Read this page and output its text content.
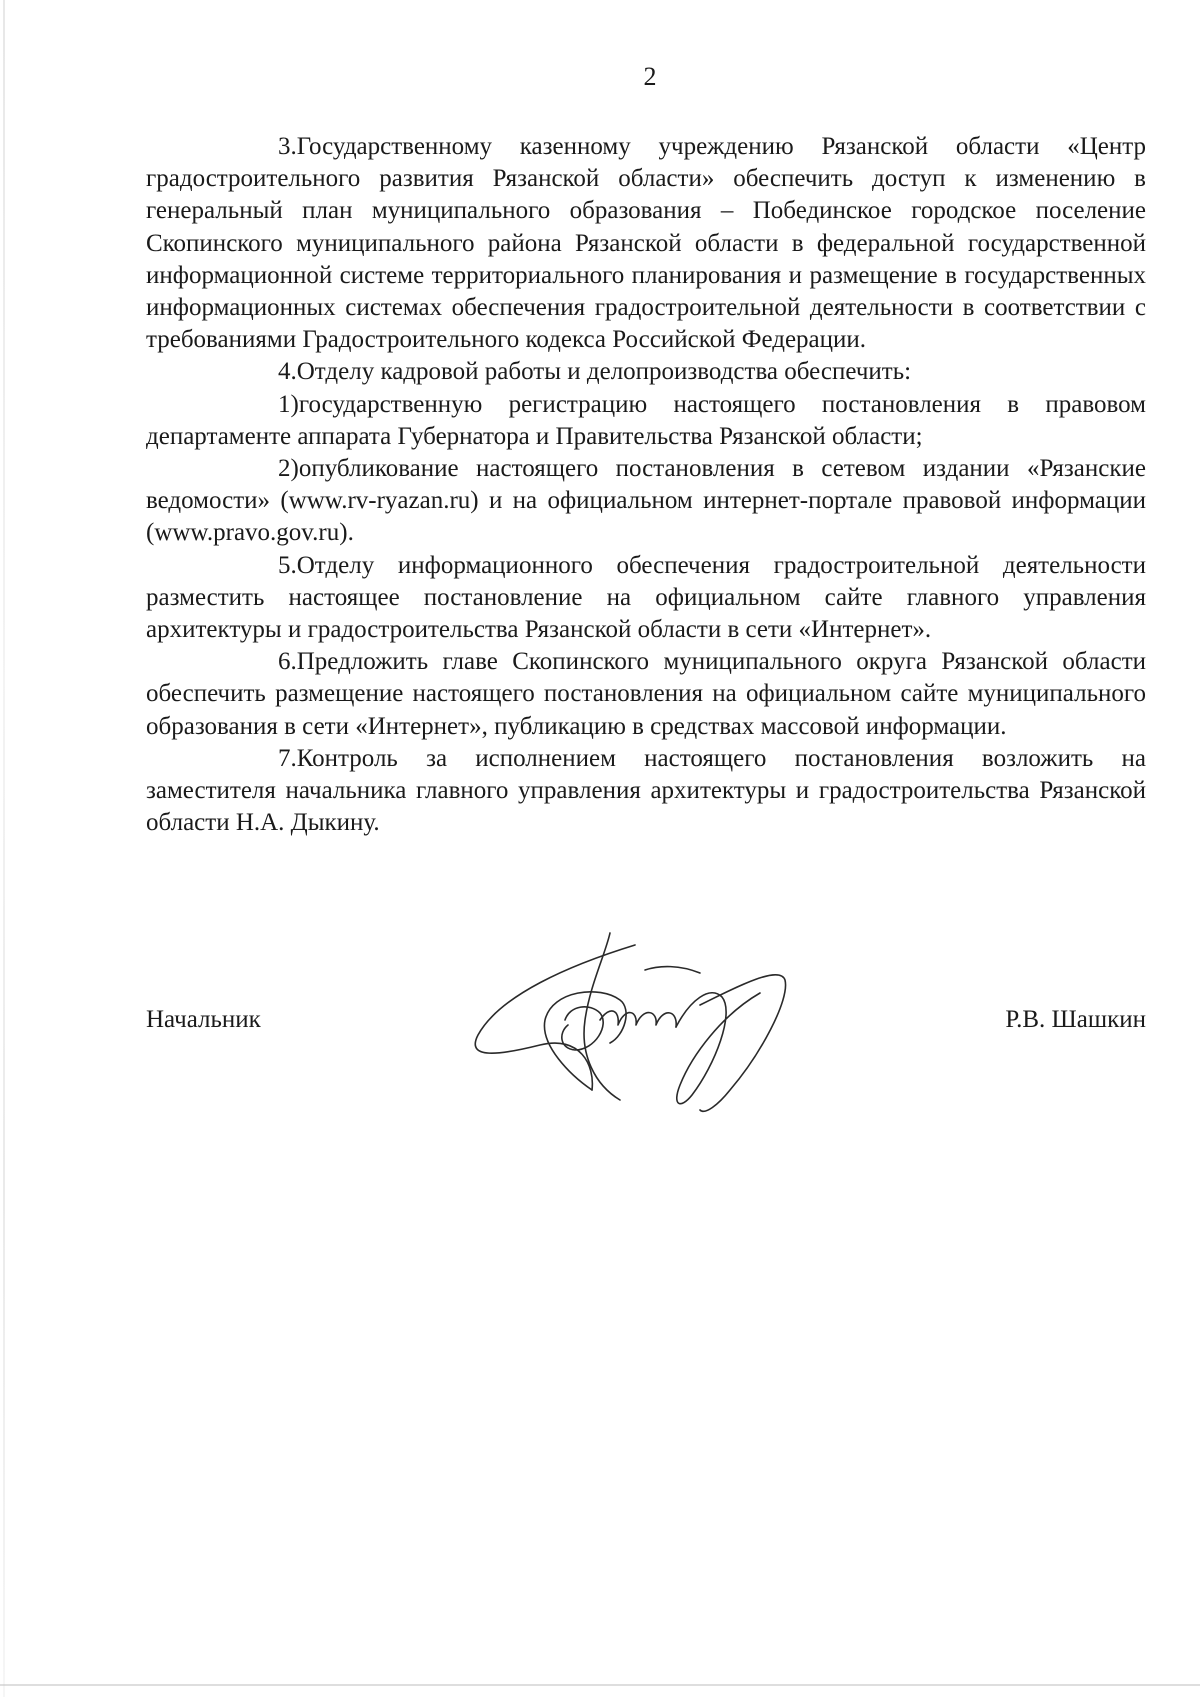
2

3.Государственному казенному учреждению Рязанской области «Центр градостроительного развития Рязанской области» обеспечить доступ к изменению в генеральный план муниципального образования – Побединское городское поселение Скопинского муниципального района Рязанской области в федеральной государственной информационной системе территориального планирования и размещение в государственных информационных системах обеспечения градостроительной деятельности в соответствии с требованиями Градостроительного кодекса Российской Федерации.

4.Отделу кадровой работы и делопроизводства обеспечить:

1)государственную регистрацию настоящего постановления в правовом департаменте аппарата Губернатора и Правительства Рязанской области;

2)опубликование настоящего постановления в сетевом издании «Рязанские ведомости» (www.rv-ryazan.ru) и на официальном интернет-портале правовой информации (www.pravo.gov.ru).

5.Отделу информационного обеспечения градостроительной деятельности разместить настоящее постановление на официальном сайте главного управления архитектуры и градостроительства Рязанской области в сети «Интернет».

6.Предложить главе Скопинского муниципального округа Рязанской области обеспечить размещение настоящего постановления на официальном сайте муниципального образования в сети «Интернет», публикацию в средствах массовой информации.

7.Контроль за исполнением настоящего постановления возложить на заместителя начальника главного управления архитектуры и градостроительства Рязанской области Н.А. Дыкину.

Начальник	Р.В. Шашкин
